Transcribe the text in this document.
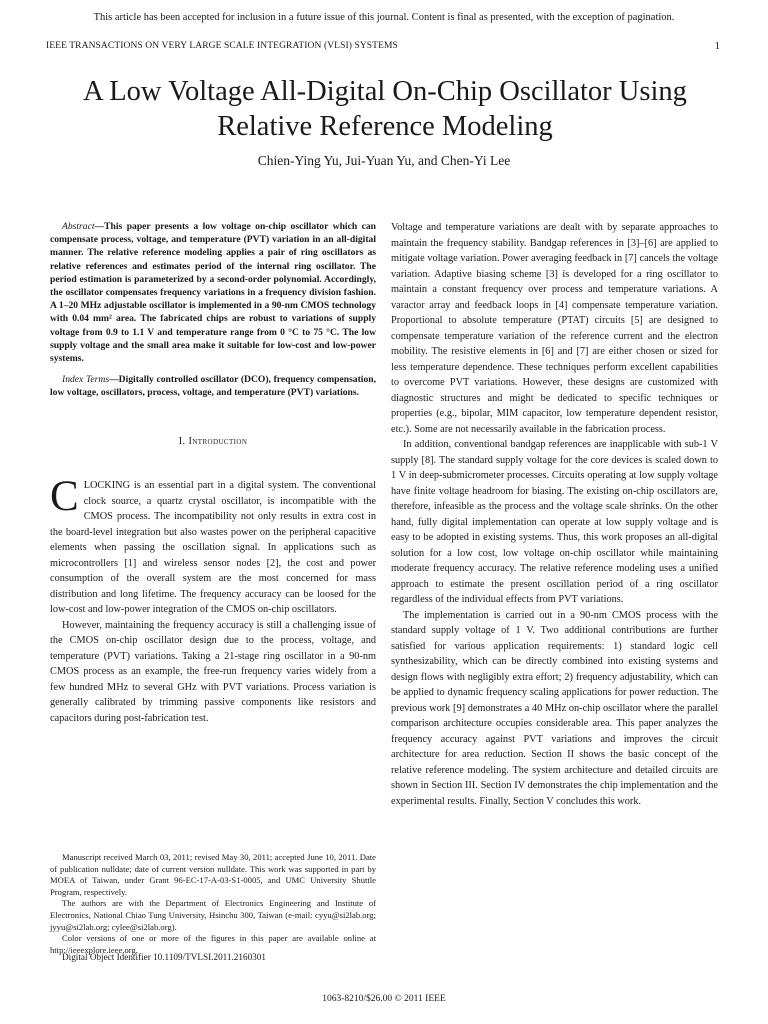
This article has been accepted for inclusion in a future issue of this journal. Content is final as presented, with the exception of pagination.
IEEE TRANSACTIONS ON VERY LARGE SCALE INTEGRATION (VLSI) SYSTEMS	1
A Low Voltage All-Digital On-Chip Oscillator Using
Relative Reference Modeling
Chien-Ying Yu, Jui-Yuan Yu, and Chen-Yi Lee

Abstract—This paper presents a low voltage on-chip oscillator which can compensate process, voltage, and temperature (PVT) variation in an all-digital manner. The relative reference modeling applies a pair of ring oscillators as relative references and estimates period of the internal ring oscillator. The period estimation is parameterized by a second-order polynomial. Accordingly, the oscillator compensates frequency variations in a frequency division fashion. A 1–20 MHz adjustable oscillator is implemented in a 90-nm CMOS technology with 0.04 mm² area. The fabricated chips are robust to variations of supply voltage from 0.9 to 1.1 V and temperature range from 0 °C to 75 °C. The low supply voltage and the small area make it suitable for low-cost and low-power systems.

Index Terms—Digitally controlled oscillator (DCO), frequency compensation, low voltage, oscillators, process, voltage, and temperature (PVT) variations.

I. Introduction

CLOCKING is an essential part in a digital system. The conventional clock source, a quartz crystal oscillator, is incompatible with the CMOS process. The incompatibility not only results in extra cost in the board-level integration but also wastes power on the peripheral capacitive elements when passing the oscillation signal. In applications such as microcontrollers [1] and wireless sensor nodes [2], the cost and power consumption of the overall system are the most concerned for mass distribution and long lifetime. The frequency accuracy can be loosed for the low-cost and low-power integration of the CMOS on-chip oscillators.

However, maintaining the frequency accuracy is still a challenging issue of the CMOS on-chip oscillator design due to the process, voltage, and temperature (PVT) variations. Taking a 21-stage ring oscillator in a 90-nm CMOS process as an example, the free-run frequency varies widely from a few hundred MHz to several GHz with PVT variations. Process variation is generally calibrated by trimming passive components like resistors and capacitors during post-fabrication test.

Manuscript received March 03, 2011; revised May 30, 2011; accepted June 10, 2011. Date of publication nulldate; date of current version nulldate. This work was supported in part by MOEA of Taiwan, under Grant 96-EC-17-A-03-S1-0005, and UMC University Shuttle Program, respectively.

The authors are with the Department of Electronics Engineering and Institute of Electronics, National Chiao Tung University, Hsinchu 300, Taiwan (e-mail: cyyu@si2lab.org; jyyu@si2lab.org; cylee@si2lab.org).

Color versions of one or more of the figures in this paper are available online at http://ieeexplore.ieee.org.

Digital Object Identifier 10.1109/TVLSI.2011.2160301

Voltage and temperature variations are dealt with by separate approaches to maintain the frequency stability. Bandgap references in [3]–[6] are applied to mitigate voltage variation. Power averaging feedback in [7] cancels the voltage variation. Adaptive biasing scheme [3] is developed for a ring oscillator to maintain a constant frequency over process and temperature variations. A varactor array and feedback loops in [4] compensate temperature variation. Proportional to absolute temperature (PTAT) circuits [5] are designed to compensate temperature variation of the reference current and the electron mobility. The resistive elements in [6] and [7] are either chosen or sized for less temperature dependence. These techniques perform excellent capabilities to overcome PVT variations. However, these designs are customized with diagnostic structures and might be dedicated to specific techniques or properties (e.g., bipolar, MIM capacitor, low temperature dependent resistor, etc.). Some are not necessarily available in the fabrication process.

In addition, conventional bandgap references are inapplicable with sub-1 V supply [8]. The standard supply voltage for the core devices is scaled down to 1 V in deep-submicrometer processes. Circuits operating at low supply voltage have finite voltage headroom for biasing. The existing on-chip oscillators are, therefore, infeasible as the process and the voltage scale shrinks. On the other hand, fully digital implementation can operate at low supply voltage and is easy to be adopted in existing systems. Thus, this work proposes an all-digital solution for a low cost, low voltage on-chip oscillator while maintaining moderate frequency accuracy. The relative reference modeling uses a unified approach to estimate the present oscillation period of a ring oscillator regardless of the individual effects from PVT variations.

The implementation is carried out in a 90-nm CMOS process with the standard supply voltage of 1 V. Two additional contributions are further satisfied for various application requirements: 1) standard logic cell synthesizability, which can be directly combined into existing systems and design flows with negligibly extra effort; 2) frequency adjustability, which can be applied to dynamic frequency scaling applications for power reduction. The previous work [9] demonstrates a 40 MHz on-chip oscillator where the parallel comparison architecture occupies considerable area. This paper analyzes the frequency accuracy against PVT variations and improves the circuit architecture for area reduction. Section II shows the basic concept of the relative reference modeling. The system architecture and detailed circuits are shown in Section III. Section IV demonstrates the chip implementation and the experimental results. Finally, Section V concludes this work.

1063-8210/$26.00 © 2011 IEEE
